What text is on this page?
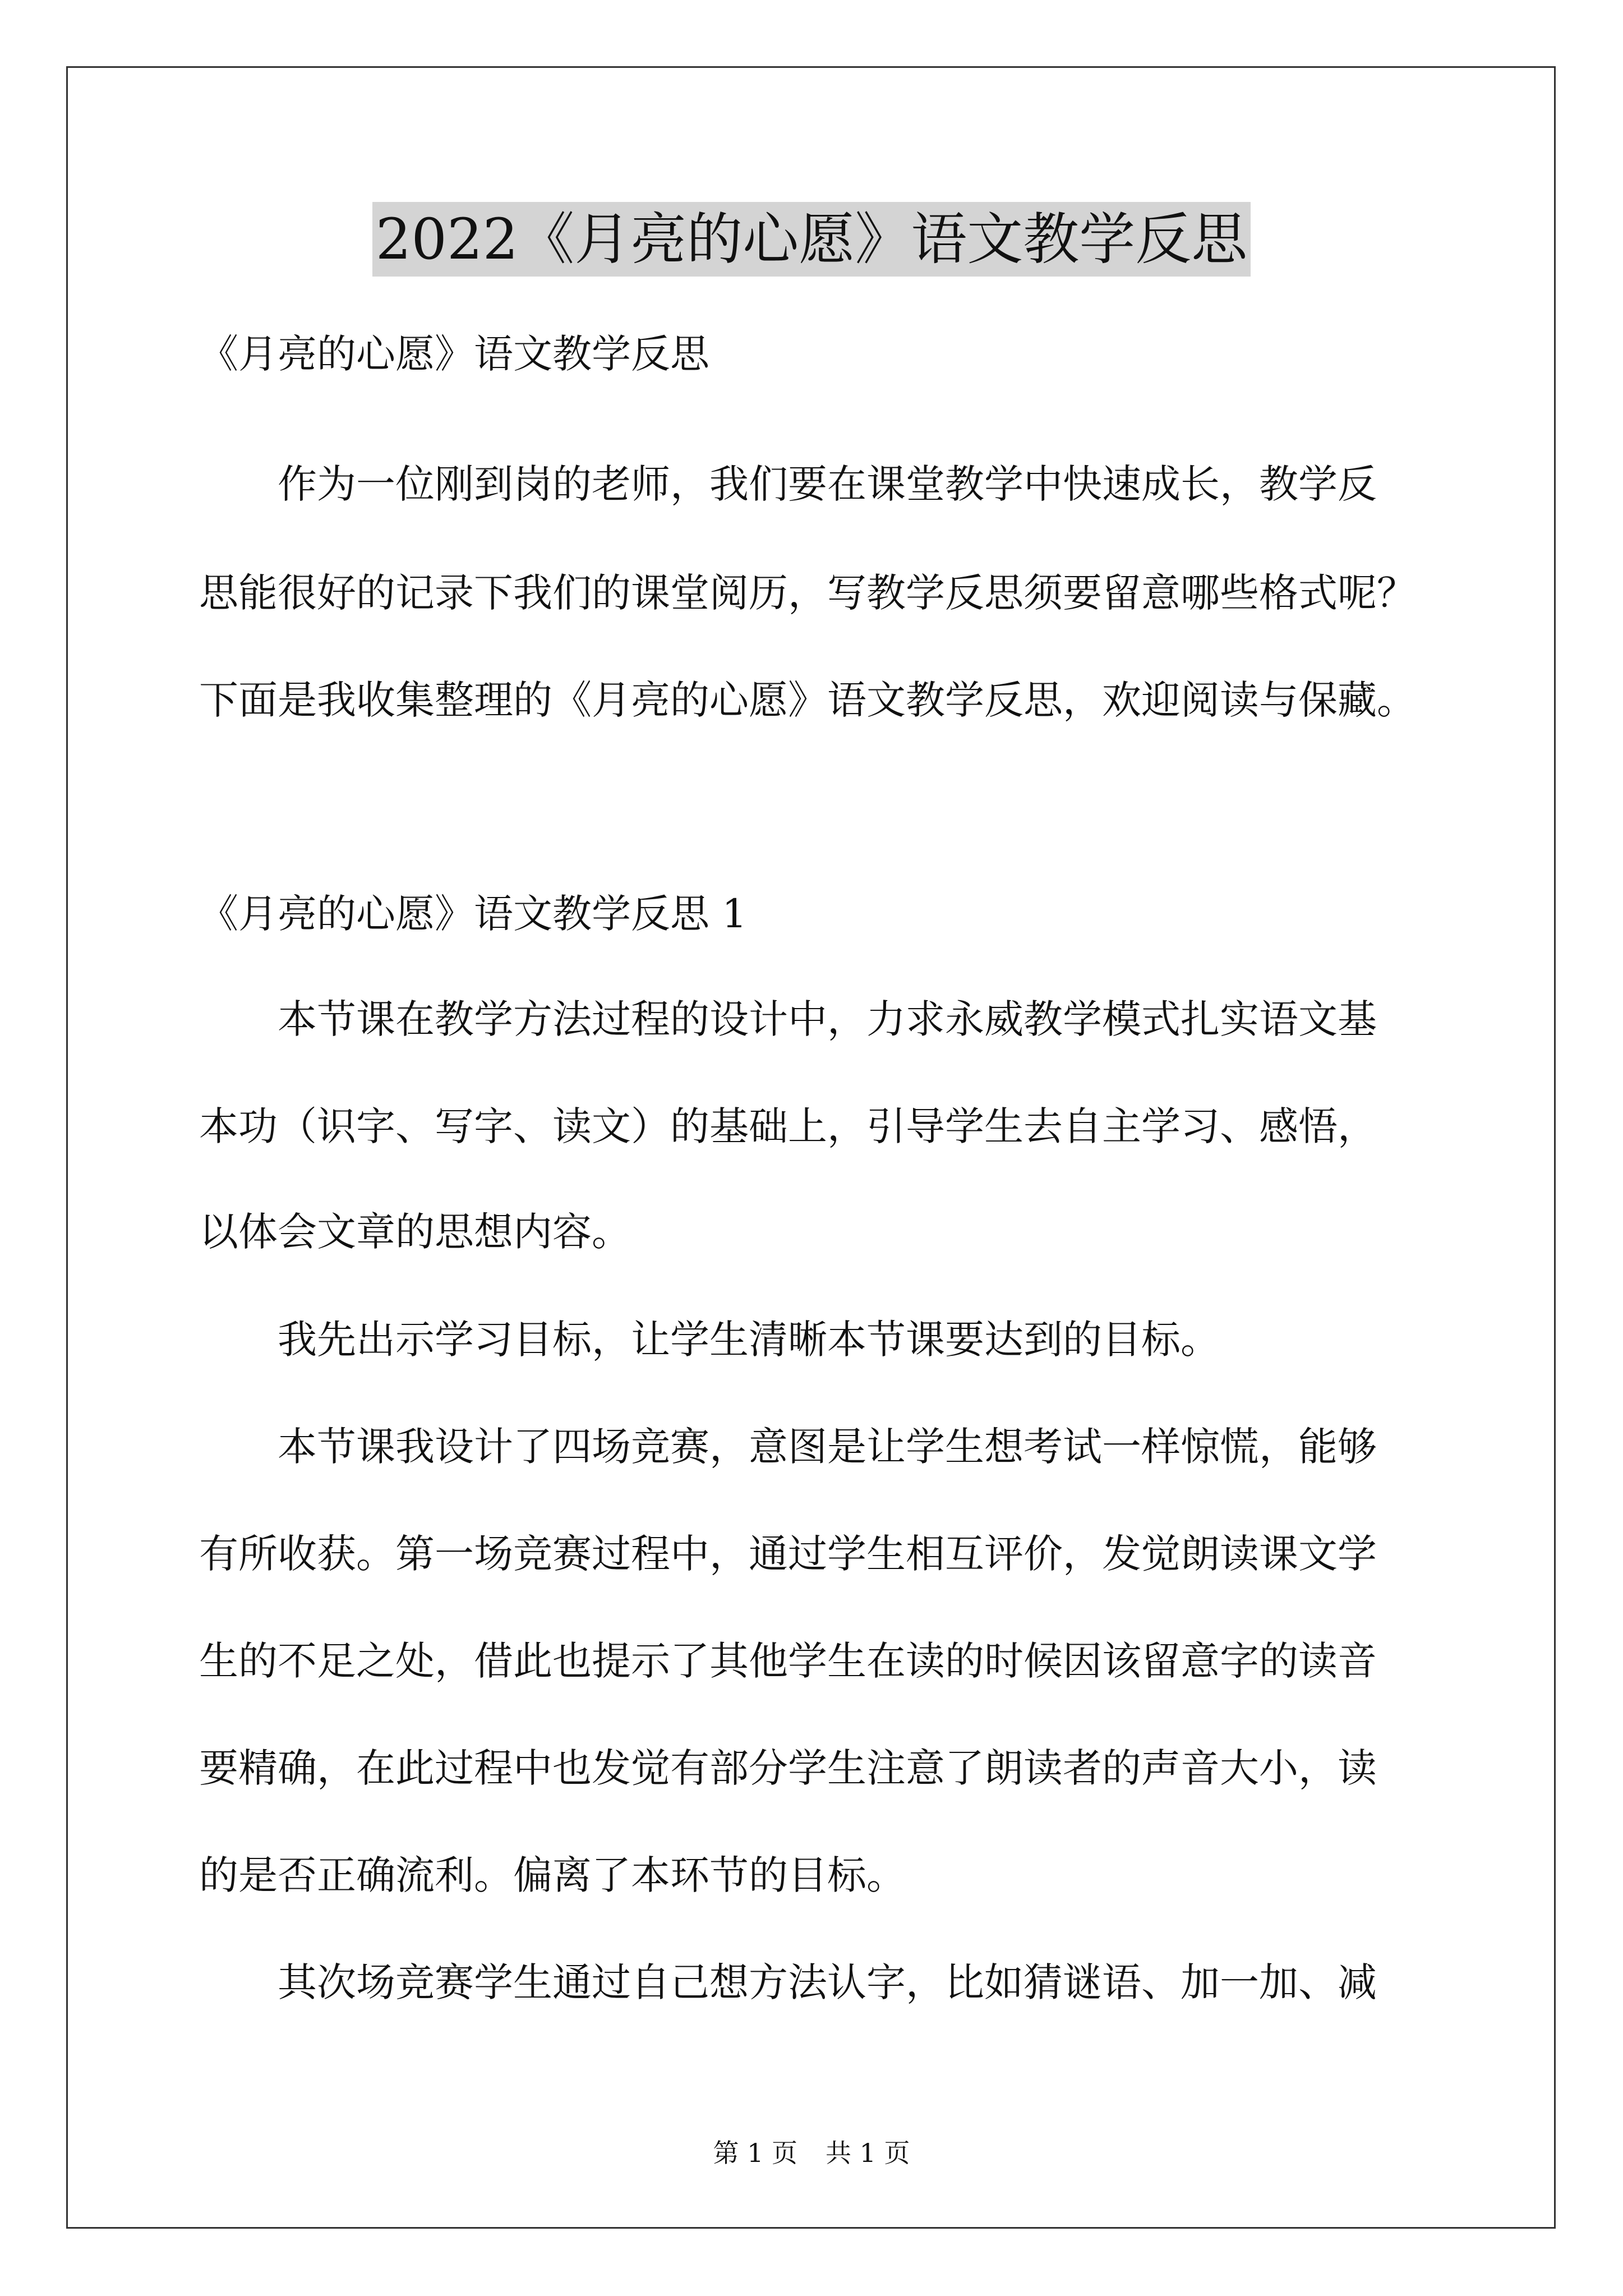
2022《月亮的心愿》语文教学反思

《月亮的心愿》语文教学反思

作为一位刚到岗的老师，我们要在课堂教学中快速成长，教学反

思能很好的记录下我们的课堂阅历，写教学反思须要留意哪些格式呢？

下面是我收集整理的《月亮的心愿》语文教学反思，欢迎阅读与保藏。

《月亮的心愿》语文教学反思 1

本节课在教学方法过程的设计中，力求永威教学模式扎实语文基

本功（识字、写字、读文）的基础上，引导学生去自主学习、感悟，

以体会文章的思想内容。

我先出示学习目标，让学生清晰本节课要达到的目标。

本节课我设计了四场竞赛，意图是让学生想考试一样惊慌，能够

有所收获。第一场竞赛过程中，通过学生相互评价，发觉朗读课文学

生的不足之处，借此也提示了其他学生在读的时候因该留意字的读音

要精确，在此过程中也发觉有部分学生注意了朗读者的声音大小，读

的是否正确流利。偏离了本环节的目标。

其次场竞赛学生通过自己想方法认字，比如猜谜语、加一加、减

第 1 页 共 1 页
